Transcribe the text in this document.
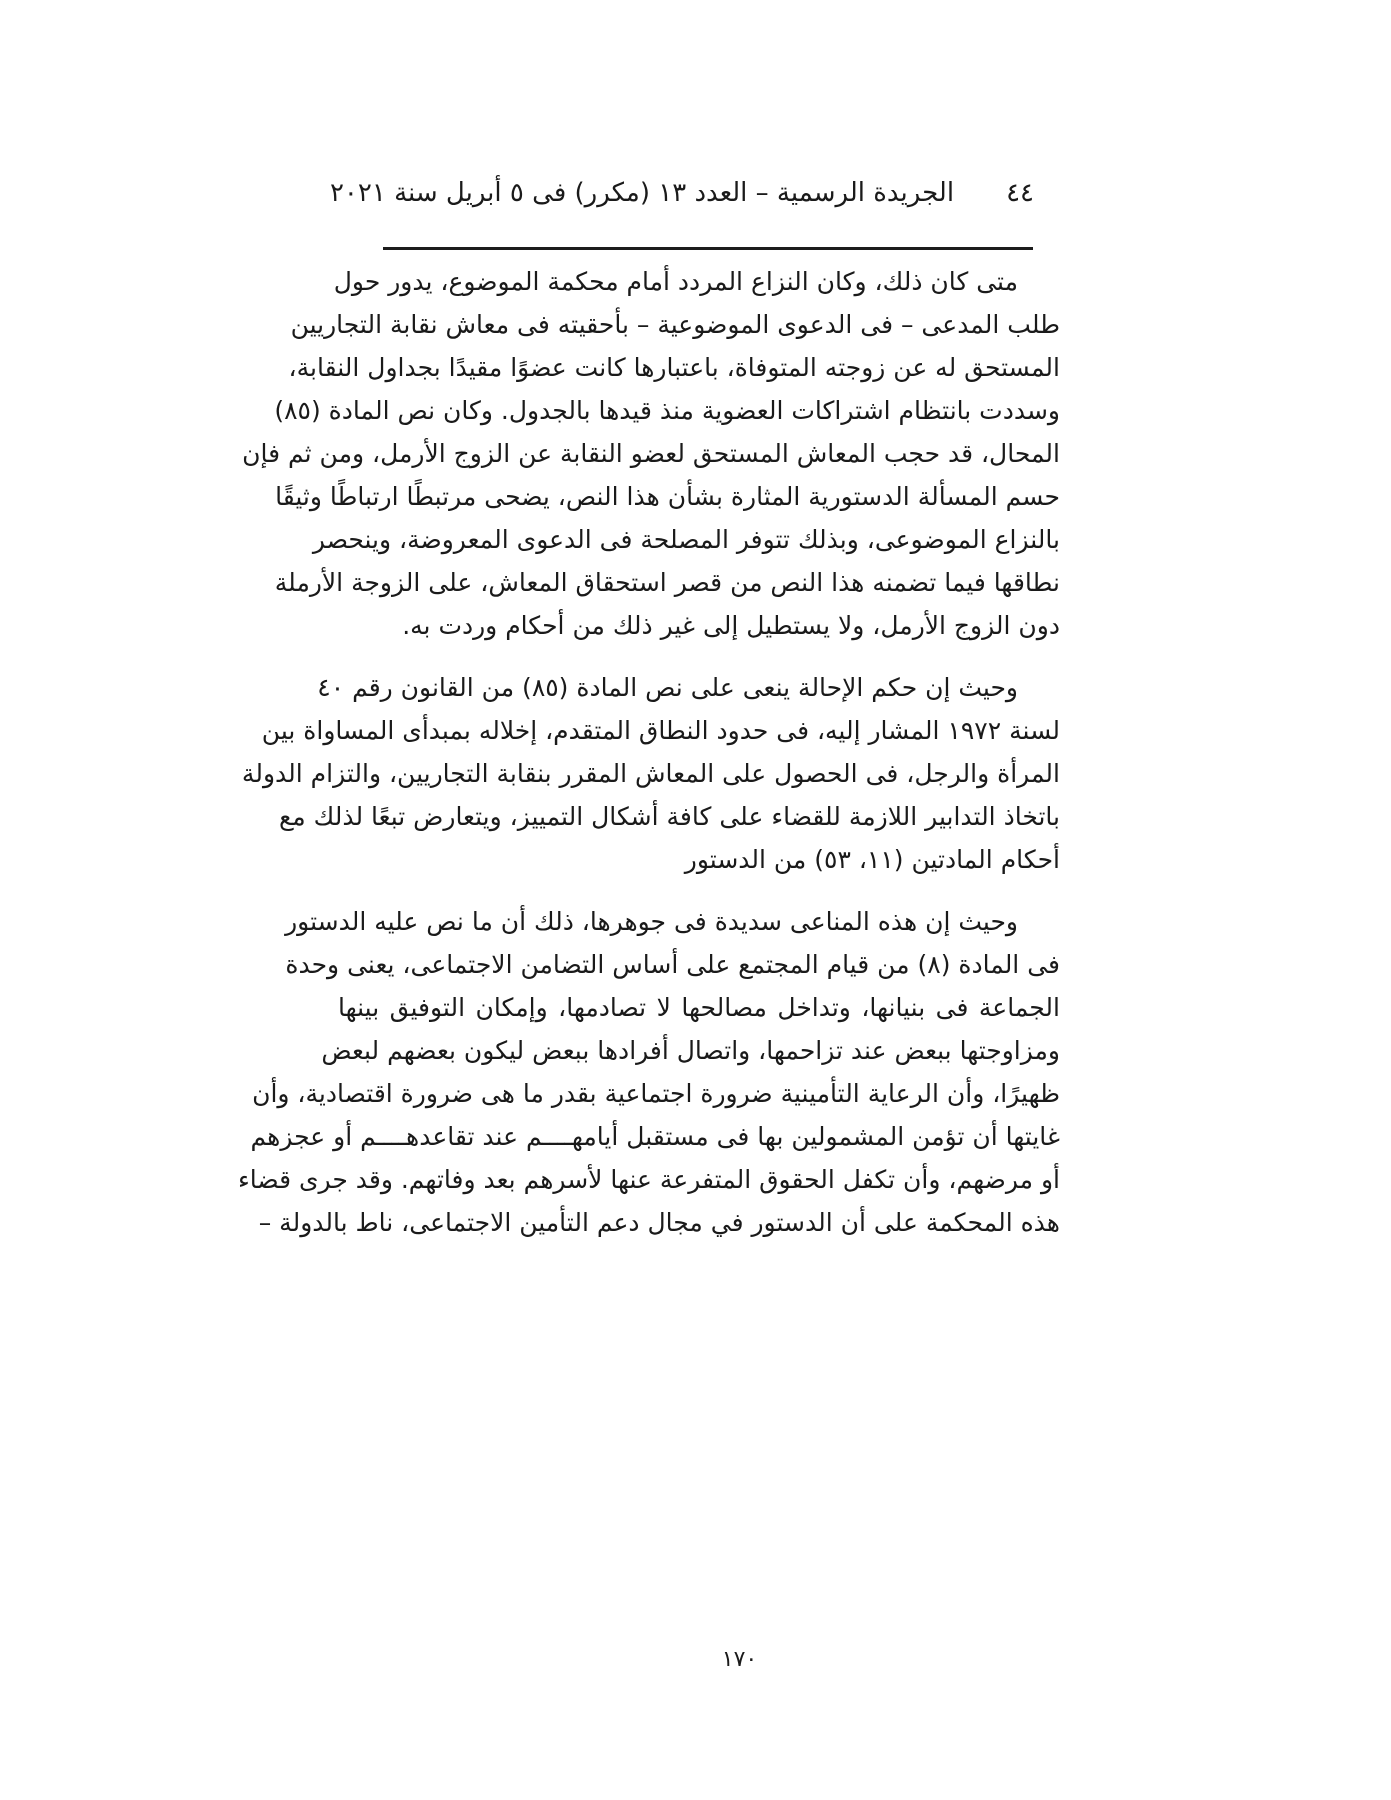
٤٤
الجريدة الرسمية – العدد ١٣ (مكرر) فى ٥ أبريل سنة ٢٠٢١
متى كان ذلك، وكان النزاع المردد أمام محكمة الموضوع، يدور حول
طلب المدعى – فى الدعوى الموضوعية – بأحقيته فى معاش نقابة التجاريين
المستحق له عن زوجته المتوفاة، باعتبارها كانت عضوًا مقيدًا بجداول النقابة،
وسددت بانتظام اشتراكات العضوية منذ قيدها بالجدول. وكان نص المادة (٨٥)
المحال، قد حجب المعاش المستحق لعضو النقابة عن الزوج الأرمل، ومن ثم فإن
حسم المسألة الدستورية المثارة بشأن هذا النص، يضحى مرتبطًا ارتباطًا وثيقًا
بالنزاع الموضوعى، وبذلك تتوفر المصلحة فى الدعوى المعروضة، وينحصر
نطاقها فيما تضمنه هذا النص من قصر استحقاق المعاش، على الزوجة الأرملة
دون الزوج الأرمل، ولا يستطيل إلى غير ذلك من أحكام وردت به.
وحيث إن حكم الإحالة ينعى على نص المادة (٨٥) من القانون رقم ٤٠
لسنة ١٩٧٢ المشار إليه، فى حدود النطاق المتقدم، إخلاله بمبدأى المساواة بين
المرأة والرجل، فى الحصول على المعاش المقرر بنقابة التجاريين، والتزام الدولة
باتخاذ التدابير اللازمة للقضاء على كافة أشكال التمييز، ويتعارض تبعًا لذلك مع
أحكام المادتين (١١، ٥٣) من الدستور
وحيث إن هذه المناعى سديدة فى جوهرها، ذلك أن ما نص عليه الدستور
فى المادة (٨) من قيام المجتمع على أساس التضامن الاجتماعى، يعنى وحدة
الجماعة فى بنيانها، وتداخل مصالحها لا تصادمها، وإمكان التوفيق بينها
ومزاوجتها ببعض عند تزاحمها، واتصال أفرادها ببعض ليكون بعضهم لبعض
ظهيرًا، وأن الرعاية التأمينية ضرورة اجتماعية بقدر ما هى ضرورة اقتصادية، وأن
غايتها أن تؤمن المشمولين بها فى مستقبل أيامهــــم عند تقاعدهــــم أو عجزهم
أو مرضهم، وأن تكفل الحقوق المتفرعة عنها لأسرهم بعد وفاتهم. وقد جرى قضاء
هذه المحكمة على أن الدستور في مجال دعم التأمين الاجتماعى، ناط بالدولة –
١٧٠
